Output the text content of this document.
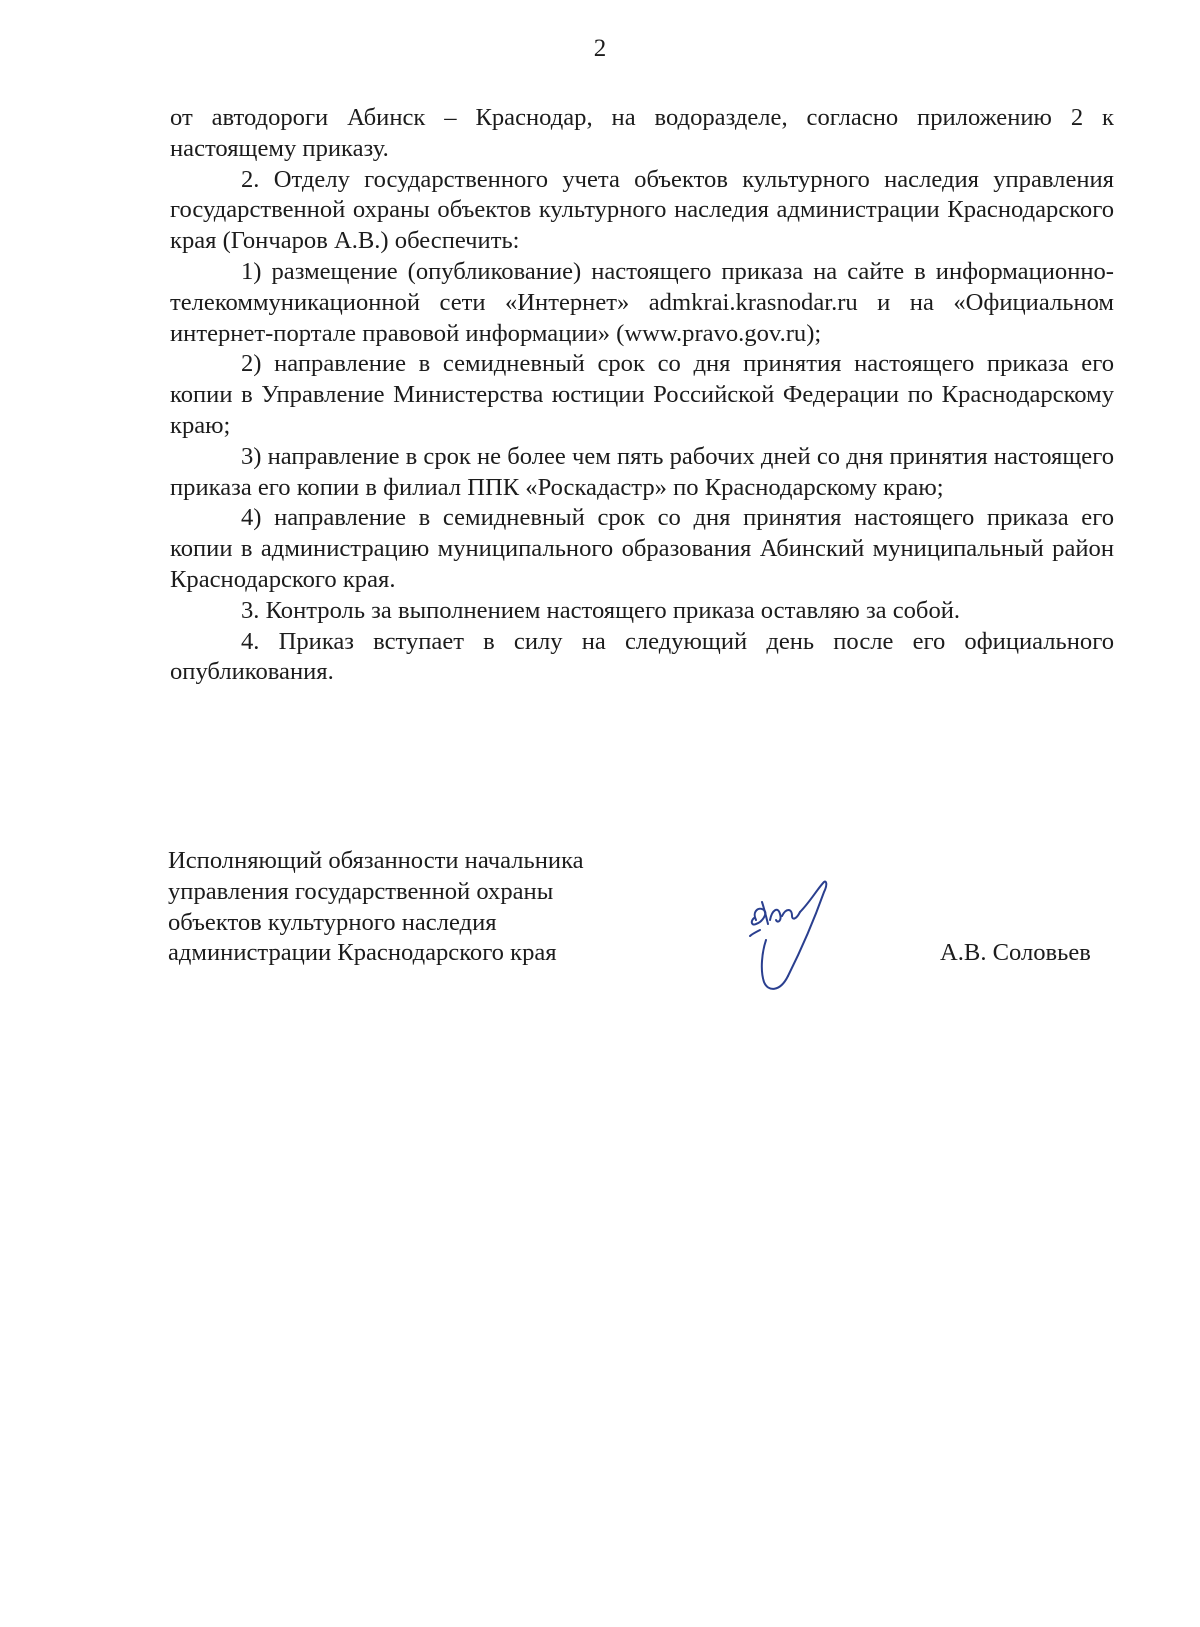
2

от автодороги Абинск – Краснодар, на водоразделе, согласно приложению 2 к настоящему приказу.

2. Отделу государственного учета объектов культурного наследия управления государственной охраны объектов культурного наследия администрации Краснодарского края (Гончаров А.В.) обеспечить:

1) размещение (опубликование) настоящего приказа на сайте в информационно-телекоммуникационной сети «Интернет» admkrai.krasnodar.ru и на «Официальном интернет-портале правовой информации» (www.pravo.gov.ru);

2) направление в семидневный срок со дня принятия настоящего приказа его копии в Управление Министерства юстиции Российской Федерации по Краснодарскому краю;

3) направление в срок не более чем пять рабочих дней со дня принятия настоящего приказа его копии в филиал ППК «Роскадастр» по Краснодарскому краю;

4) направление в семидневный срок со дня принятия настоящего приказа его копии в администрацию муниципального образования Абинский муниципальный район Краснодарского края.

3. Контроль за выполнением настоящего приказа оставляю за собой.

4. Приказ вступает в силу на следующий день после его официального опубликования.

Исполняющий обязанности начальника
управления государственной охраны
объектов культурного наследия
администрации Краснодарского края	А.В. Соловьев
